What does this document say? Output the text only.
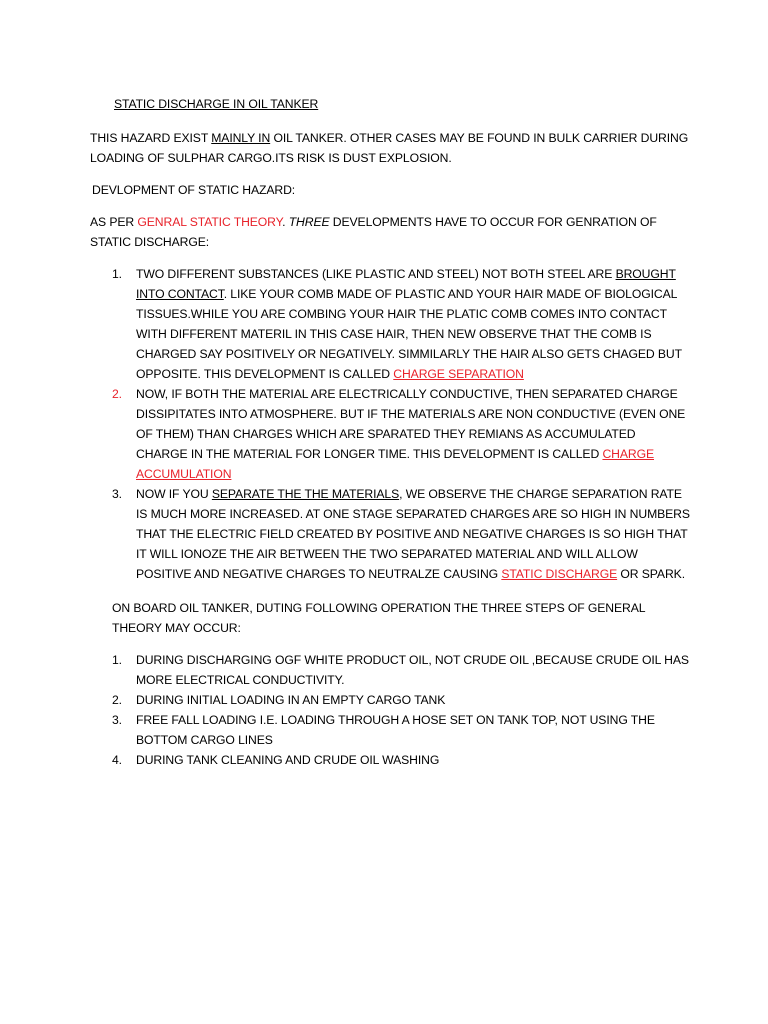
STATIC DISCHARGE IN OIL TANKER

THIS HAZARD EXIST MAINLY IN OIL TANKER. OTHER CASES MAY BE FOUND IN BULK CARRIER DURING LOADING OF SULPHAR CARGO.ITS RISK IS DUST EXPLOSION.

DEVLOPMENT OF STATIC HAZARD:

AS PER GENRAL STATIC THEORY. THREE DEVELOPMENTS HAVE TO OCCUR FOR GENRATION OF STATIC DISCHARGE:

1. TWO DIFFERENT SUBSTANCES (LIKE PLASTIC AND STEEL) NOT BOTH STEEL ARE BROUGHT INTO CONTACT. LIKE YOUR COMB MADE OF PLASTIC AND YOUR HAIR MADE OF BIOLOGICAL TISSUES.WHILE YOU ARE COMBING YOUR HAIR THE PLATIC COMB COMES INTO CONTACT WITH DIFFERENT MATERIL IN THIS CASE HAIR, THEN NEW OBSERVE THAT THE COMB IS CHARGED SAY POSITIVELY OR NEGATIVELY. SIMMILARLY THE HAIR ALSO GETS CHAGED BUT OPPOSITE. THIS DEVELOPMENT IS CALLED CHARGE SEPARATION
2. NOW, IF BOTH THE MATERIAL ARE ELECTRICALLY CONDUCTIVE, THEN SEPARATED CHARGE DISSIPITATES INTO ATMOSPHERE. BUT IF THE MATERIALS ARE NON CONDUCTIVE (EVEN ONE OF THEM) THAN CHARGES WHICH ARE SPARATED THEY REMIANS AS ACCUMULATED CHARGE IN THE MATERIAL FOR LONGER TIME. THIS DEVELOPMENT IS CALLED CHARGE ACCUMULATION
3. NOW IF YOU SEPARATE THE THE MATERIALS, WE OBSERVE THE CHARGE SEPARATION RATE IS MUCH MORE INCREASED. AT ONE STAGE SEPARATED CHARGES ARE SO HIGH IN NUMBERS THAT THE ELECTRIC FIELD CREATED BY POSITIVE AND NEGATIVE CHARGES IS SO HIGH THAT IT WILL IONOZE THE AIR BETWEEN THE TWO SEPARATED MATERIAL AND WILL ALLOW POSITIVE AND NEGATIVE CHARGES TO NEUTRALZE CAUSING STATIC DISCHARGE OR SPARK.

ON BOARD OIL TANKER, DUTING FOLLOWING OPERATION THE THREE STEPS OF GENERAL THEORY MAY OCCUR:

1. DURING DISCHARGING OGF WHITE PRODUCT OIL, NOT CRUDE OIL ,BECAUSE CRUDE OIL HAS MORE ELECTRICAL CONDUCTIVITY.
2. DURING INITIAL LOADING IN AN EMPTY CARGO TANK
3. FREE FALL LOADING I.E. LOADING THROUGH A HOSE SET ON TANK TOP, NOT USING THE BOTTOM CARGO LINES
4. DURING TANK CLEANING AND CRUDE OIL WASHING
